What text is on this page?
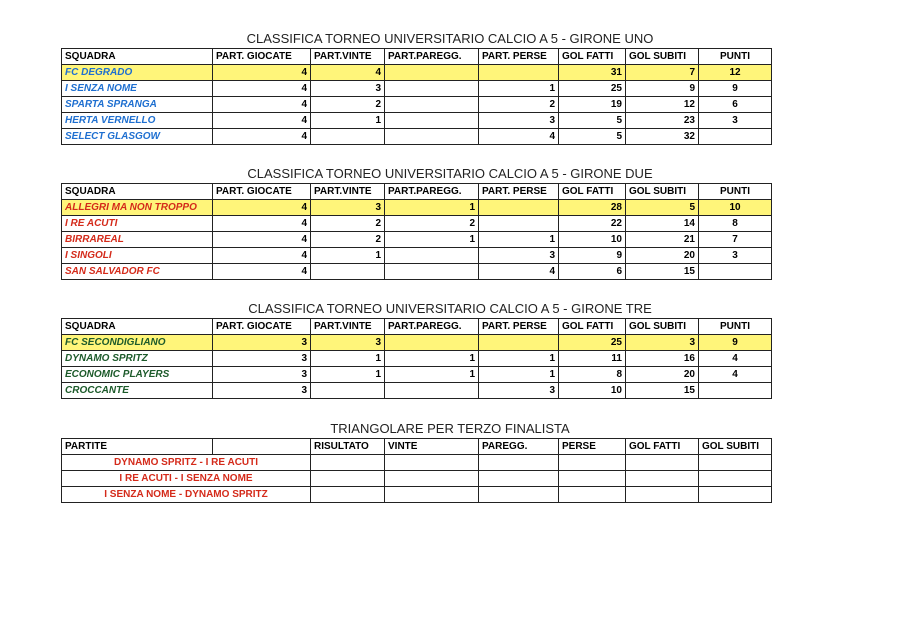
CLASSIFICA TORNEO UNIVERSITARIO CALCIO A 5 - GIRONE UNO
SQUADRA	PART. GIOCATE	PART.VINTE	PART.PAREGG.	PART. PERSE	GOL FATTI	GOL SUBITI	PUNTI
FC DEGRADO	4	4			31	7	12
I SENZA NOME	4	3		1	25	9	9
SPARTA SPRANGA	4	2		2	19	12	6
HERTA VERNELLO	4	1		3	5	23	3
SELECT GLASGOW	4			4	5	32	
CLASSIFICA TORNEO UNIVERSITARIO CALCIO A 5 - GIRONE DUE
SQUADRA	PART. GIOCATE	PART.VINTE	PART.PAREGG.	PART. PERSE	GOL FATTI	GOL SUBITI	PUNTI
ALLEGRI MA NON TROPPO	4	3	1		28	5	10
I RE ACUTI	4	2	2		22	14	8
BIRRAREAL	4	2	1	1	10	21	7
I SINGOLI	4	1		3	9	20	3
SAN SALVADOR FC	4			4	6	15	
CLASSIFICA TORNEO UNIVERSITARIO CALCIO A 5 - GIRONE TRE
SQUADRA	PART. GIOCATE	PART.VINTE	PART.PAREGG.	PART. PERSE	GOL FATTI	GOL SUBITI	PUNTI
FC SECONDIGLIANO	3	3			25	3	9
DYNAMO SPRITZ	3	1	1	1	11	16	4
ECONOMIC PLAYERS	3	1	1	1	8	20	4
CROCCANTE	3			3	10	15	
TRIANGOLARE PER TERZO FINALISTA
PARTITE		RISULTATO	VINTE	PAREGG.	PERSE	GOL FATTI	GOL SUBITI
DYNAMO SPRITZ - I RE ACUTI							
I RE ACUTI - I SENZA NOME							
I SENZA NOME - DYNAMO SPRITZ							
